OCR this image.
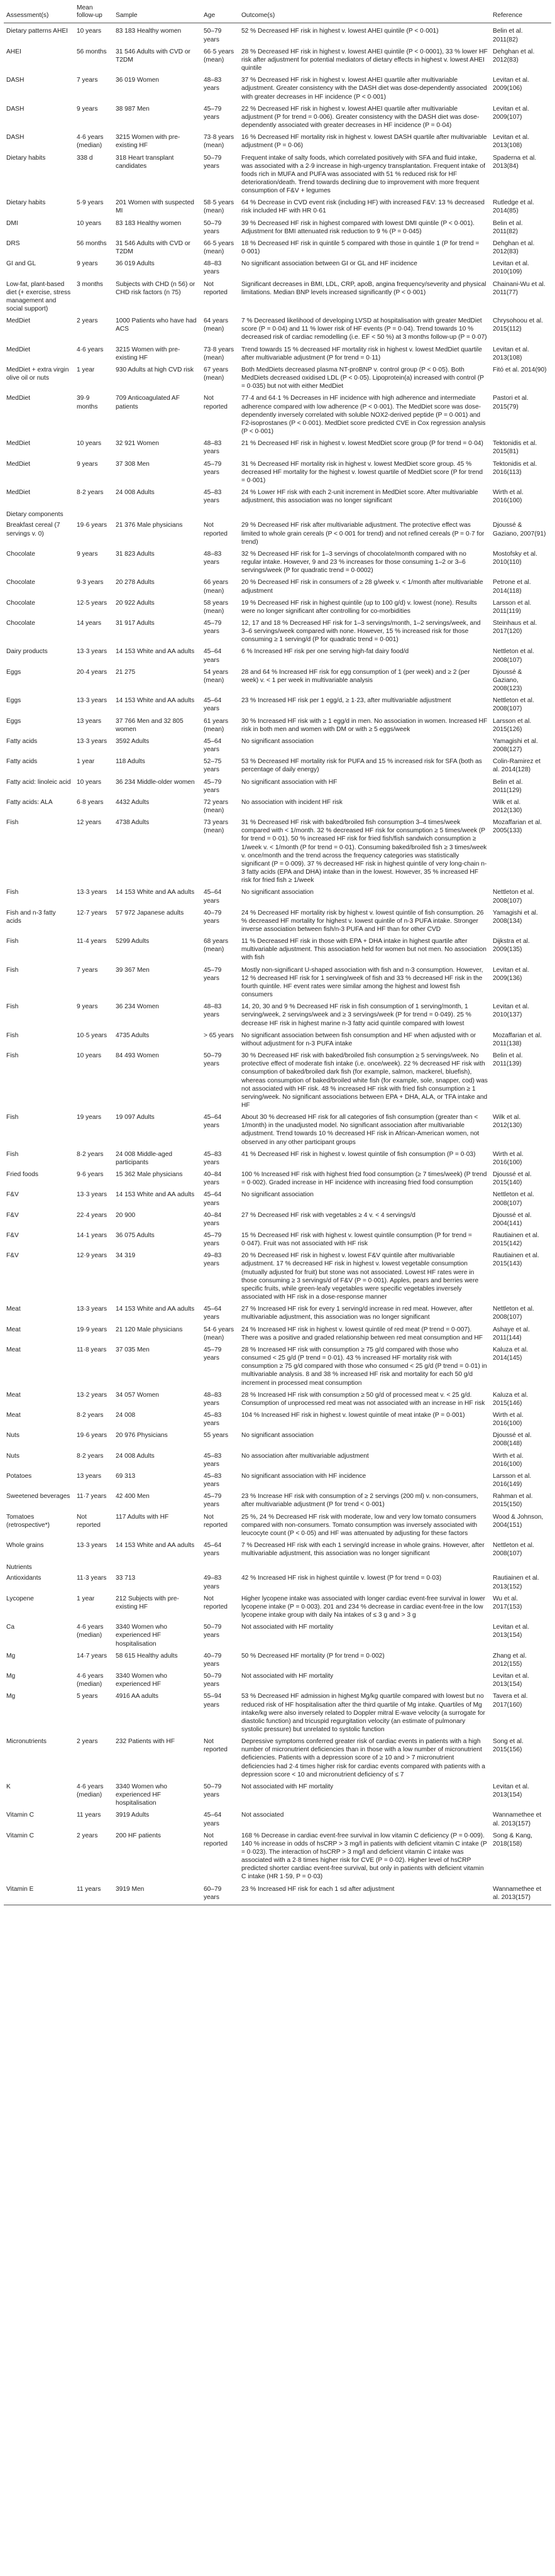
Assessment(s)	Mean follow-up	Sample	Age	Outcome(s)	Reference
Dietary patterns AHEI	10 years	83 183 Healthy women	50–79 years	52 % Decreased HF risk in highest v. lowest AHEI quintile (P < 0·001)	Belin et al. 2011(82)
AHEI	56 months	31 546 Adults with CVD or T2DM	66·5 years (mean)	28 % Decreased HF risk in highest v. lowest AHEI quintile (P < 0·0001), 33 % lower HF risk after adjustment for potential mediators of dietary effects in highest v. lowest AHEI quintile	Dehghan et al. 2012(83)
DASH	7 years	36 019 Women	48–83 years	37 % Decreased HF risk in highest v. lowest AHEI quartile after multivariable adjustment. Greater consistency with the DASH diet was dose-dependently associated with greater decreases in HF incidence (P < 0·001)	Levitan et al. 2009(106)
DASH	9 years	38 987 Men	45–79 years	22 % Decreased HF risk in highest v. lowest AHEI quartile after multivariable adjustment (P for trend = 0·006). Greater consistency with the DASH diet was dose-dependently associated with greater decreases in HF incidence (P = 0·04)	Levitan et al. 2009(107)
DASH	4·6 years (median)	3215 Women with pre-existing HF	73·8 years (mean)	16 % Decreased HF mortality risk in highest v. lowest DASH quartile after multivariable adjustment (P = 0·06)	Levitan et al. 2013(108)
Dietary habits	338 d	318 Heart transplant candidates	50–79 years	Frequent intake of salty foods, which correlated positively with SFA and fluid intake, was associated with a 2·9 increase in high-urgency transplantation. Frequent intake of foods rich in MUFA and PUFA was associated with 51 % reduced risk for HF deterioration/death. Trend towards declining due to improvement with more frequent consumption of F&V + legumes	Spaderna et al. 2013(84)
Dietary habits	5·9 years	201 Women with suspected MI	58·5 years (mean)	64 % Decrease in CVD event risk (including HF) with increased F&V: 13 % decreased risk included HF with HR 0·61	Rutledge et al. 2014(85)
DMI	10 years	83 183 Healthy women	50–79 years	39 % Decreased HF risk in highest compared with lowest DMI quintile (P < 0·001). Adjustment for BMI attenuated risk reduction to 9 % (P = 0·045)	Belin et al. 2011(82)
DRS	56 months	31 546 Adults with CVD or T2DM	66·5 years (mean)	18 % Decreased HF risk in quintile 5 compared with those in quintile 1 (P for trend = 0·001)	Dehghan et al. 2012(83)
GI and GL	9 years	36 019 Adults	48–83 years	No significant association between GI or GL and HF incidence	Levitan et al. 2010(109)
Low-fat, plant-based diet (+ exercise, stress management and social support)	3 months	Subjects with CHD (n 56) or CHD risk factors (n 75)	Not reported	Significant decreases in BMI, LDL, CRP, apoB, angina frequency/severity and physical limitations. Median BNP levels increased significantly (P < 0·001)	Chainani-Wu et al. 2011(77)
MedDiet	2 years	1000 Patients who have had ACS	64 years (mean)	7 % Decreased likelihood of developing LVSD at hospitalisation with greater MedDiet score (P = 0·04) and 11 % lower risk of HF events (P = 0·04). Trend towards 10 % decreased risk of cardiac remodelling (i.e. EF < 50 %) at 3 months follow-up (P = 0·07)	Chrysohoou et al. 2015(112)
MedDiet	4·6 years	3215 Women with pre-existing HF	73·8 years (mean)	Trend towards 15 % decreased HF mortality risk in highest v. lowest MedDiet quartile after multivariable adjustment (P for trend = 0·11)	Levitan et al. 2013(108)
MedDiet + extra virgin olive oil or nuts	1 year	930 Adults at high CVD risk	67 years (mean)	Both MedDiets decreased plasma NT-proBNP v. control group (P < 0·05). Both MedDiets decreased oxidised LDL (P < 0·05). Lipoprotein(a) increased with control (P = 0·035) but not with either MedDiet	Fitó et al. 2014(90)
MedDiet	39·9 months	709 Anticoagulated AF patients	Not reported	77·4 and 64·1 % Decreases in HF incidence with high adherence and intermediate adherence compared with low adherence (P < 0·001). The MedDiet score was dose-dependently inversely correlated with soluble NOX2-derived peptide (P = 0·001) and F2-isoprostanes (P < 0·001). MedDiet score predicted CVE in Cox regression analysis (P < 0·001)	Pastori et al. 2015(79)
MedDiet	10 years	32 921 Women	48–83 years	21 % Decreased HF risk in highest v. lowest MedDiet score group (P for trend = 0·04)	Tektonidis et al. 2015(81)
MedDiet	9 years	37 308 Men	45–79 years	31 % Decreased HF mortality risk in highest v. lowest MedDiet score group. 45 % decreased HF mortality for the highest v. lowest quartile of MedDiet score (P for trend = 0·001)	Tektonidis et al. 2016(113)
MedDiet	8·2 years	24 008 Adults	45–83 years	24 % Lower HF risk with each 2-unit increment in MedDiet score. After multivariable adjustment, this association was no longer significant	Wirth et al. 2016(100)
Dietary components					
Breakfast cereal (7 servings v. 0)	19·6 years	21 376 Male physicians	Not reported	29 % Decreased HF risk after multivariable adjustment. The protective effect was limited to whole grain cereals (P < 0·001 for trend) and not refined cereals (P = 0·7 for trend)	Djoussé & Gaziano, 2007(91)
Chocolate	9 years	31 823 Adults	48–83 years	32 % Decreased HF risk for 1–3 servings of chocolate/month compared with no regular intake. However, 9 and 23 % increases for those consuming 1–2 or 3–6 servings/week (P for quadratic trend = 0·0002)	Mostofsky et al. 2010(110)
Chocolate	9·3 years	20 278 Adults	66 years (mean)	20 % Decreased HF risk in consumers of ≥ 28 g/week v. < 1/month after multivariable adjustment	Petrone et al. 2014(118)
Chocolate	12·5 years	20 922 Adults	58 years (mean)	19 % Decreased HF risk in highest quintile (up to 100 g/d) v. lowest (none). Results were no longer significant after controlling for co-morbidities	Larsson et al. 2011(119)
Chocolate	14 years	31 917 Adults	45–79 years	12, 17 and 18 % Decreased HF risk for 1–3 servings/month, 1–2 servings/week, and 3–6 servings/week compared with none. However, 15 % increased risk for those consuming ≥ 1 serving/d (P for quadratic trend = 0·001)	Steinhaus et al. 2017(120)
Dairy products	13·3 years	14 153 White and AA adults	45–64 years	6 % Increased HF risk per one serving high-fat dairy food/d	Nettleton et al. 2008(107)
Eggs	20·4 years	21 275	54 years (mean)	28 and 64 % Increased HF risk for egg consumption of 1 (per week) and ≥ 2 (per week) v. < 1 per week in multivariable analysis	Djoussé & Gaziano, 2008(123)
Eggs	13·3 years	14 153 White and AA adults	45–64 years	23 % Increased HF risk per 1 egg/d, ≥ 1·23, after multivariable adjustment	Nettleton et al. 2008(107)
Eggs	13 years	37 766 Men and 32 805 women	61 years (mean)	30 % Increased HF risk with ≥ 1 egg/d in men. No association in women. Increased HF risk in both men and women with DM or with ≥ 5 eggs/week	Larsson et al. 2015(126)
Fatty acids	13·3 years	3592 Adults	45–64 years	No significant association	Yamagishi et al. 2008(127)
Fatty acids	1 year	118 Adults	52–75 years	53 % Decreased HF mortality risk for PUFA and 15 % increased risk for SFA (both as percentage of daily energy)	Colin-Ramirez et al. 2014(128)
Fatty acid: linoleic acid	10 years	36 234 Middle-older women	45–79 years	No significant association with HF	Belin et al. 2011(129)
Fatty acids: ALA	6·8 years	4432 Adults	72 years (mean)	No association with incident HF risk	Wilk et al. 2012(130)
Fish	12 years	4738 Adults	73 years (mean)	31 % Decreased HF risk with baked/broiled fish consumption 3–4 times/week compared with < 1/month. 32 % decreased HF risk for consumption ≥ 5 times/week (P for trend = 0·01). 50 % increased HF risk for fried fish/fish sandwich consumption ≥ 1/week v. < 1/month (P for trend = 0·01). Consuming baked/broiled fish ≥ 3 times/week v. once/month and the trend across the frequency categories was statistically significant (P = 0·009). 37 % decreased HF risk in highest quintile of very long-chain n-3 fatty acids (EPA and DHA) intake than in the lowest. However, 35 % increased HF risk for fried fish ≥ 1/week	Mozaffarian et al. 2005(133)
Fish	13·3 years	14 153 White and AA adults	45–64 years	No significant association	Nettleton et al. 2008(107)
Fish and n-3 fatty acids	12·7 years	57 972 Japanese adults	40–79 years	24 % Decreased HF mortality risk by highest v. lowest quintile of fish consumption. 26 % decreased HF mortality for highest v. lowest quintile of n-3 PUFA intake. Stronger inverse association between fish/n-3 PUFA and HF than for other CVD	Yamagishi et al. 2008(134)
Fish	11·4 years	5299 Adults	68 years (mean)	11 % Decreased HF risk in those with EPA + DHA intake in highest quartile after multivariable adjustment. This association held for women but not men. No association with fish	Dijkstra et al. 2009(135)
Fish	7 years	39 367 Men	45–79 years	Mostly non-significant U-shaped association with fish and n-3 consumption. However, 12 % decreased HF risk for 1 serving/week of fish and 33 % decreased HF risk in the fourth quintile. HF event rates were similar among the highest and lowest fish consumers	Levitan et al. 2009(136)
Fish	9 years	36 234 Women	48–83 years	14, 20, 30 and 9 % Decreased HF risk in fish consumption of 1 serving/month, 1 serving/week, 2 servings/week and ≥ 3 servings/week (P for trend = 0·049). 25 % decrease HF risk in highest marine n-3 fatty acid quintile compared with lowest	Levitan et al. 2010(137)
Fish	10·5 years	4735 Adults	> 65 years	No significant association between fish consumption and HF when adjusted with or without adjustment for n-3 PUFA intake	Mozaffarian et al. 2011(138)
Fish	10 years	84 493 Women	50–79 years	30 % Decreased HF risk with baked/broiled fish consumption ≥ 5 servings/week. No protective effect of moderate fish intake (i.e. once/week). 22 % decreased HF risk with consumption of baked/broiled dark fish (for example, salmon, mackerel, bluefish), whereas consumption of baked/broiled white fish (for example, sole, snapper, cod) was not associated with HF risk. 48 % increased HF risk with fried fish consumption ≥ 1 serving/week. No significant associations between EPA + DHA, ALA, or TFA intake and HF	Belin et al. 2011(139)
Fish	19 years	19 097 Adults	45–64 years	About 30 % decreased HF risk for all categories of fish consumption (greater than < 1/month) in the unadjusted model. No significant association after multivariable adjustment. Trend towards 10 % decreased HF risk in African-American women, not observed in any other participant groups	Wilk et al. 2012(130)
Fish	8·2 years	24 008 Middle-aged participants	45–83 years	41 % Decreased HF risk in highest v. lowest quintile of fish consumption (P = 0·03)	Wirth et al. 2016(100)
Fried foods	9·6 years	15 362 Male physicians	40–84 years	100 % Increased HF risk with highest fried food consumption (≥ 7 times/week) (P trend = 0·002). Graded increase in HF incidence with increasing fried food consumption	Djoussé et al. 2015(140)
F&V	13·3 years	14 153 White and AA adults	45–64 years	No significant association	Nettleton et al. 2008(107)
F&V	22·4 years	20 900	40–84 years	27 % Decreased HF risk with vegetables ≥ 4 v. < 4 servings/d	Djoussé et al. 2004(141)
F&V	14·1 years	36 075 Adults	45–79 years	15 % Decreased HF risk with highest v. lowest quintile consumption (P for trend = 0·047). Fruit was not associated with HF risk	Rautiainen et al. 2015(142)
F&V	12·9 years	34 319	49–83 years	20 % Decreased HF risk in highest v. lowest F&V quintile after multivariable adjustment. 17 % decreased HF risk in highest v. lowest vegetable consumption (mutually adjusted for fruit) but stone was not associated. Lowest HF rates were in those consuming ≥ 3 servings/d of F&V (P = 0·001). Apples, pears and berries were specific fruits, while green-leafy vegetables were specific vegetables inversely associated with HF risk in a dose-response manner	Rautiainen et al. 2015(143)
Meat	13·3 years	14 153 White and AA adults	45–64 years	27 % Increased HF risk for every 1 serving/d increase in red meat. However, after multivariable adjustment, this association was no longer significant	Nettleton et al. 2008(107)
Meat	19·9 years	21 120 Male physicians	54·6 years (mean)	24 % Increased HF risk in highest v. lowest quintile of red meat (P trend = 0·007). There was a positive and graded relationship between red meat consumption and HF	Ashaye et al. 2011(144)
Meat	11·8 years	37 035 Men	45–79 years	28 % Increased HF risk with consumption ≥ 75 g/d compared with those who consumed < 25 g/d (P trend = 0·01). 43 % increased HF mortality risk with consumption ≥ 75 g/d compared with those who consumed < 25 g/d (P trend = 0·01) in multivariable analysis. 8 and 38 % increased HF risk and mortality for each 50 g/d increment in processed meat consumption	Kaluza et al. 2014(145)
Meat	13·2 years	34 057 Women	48–83 years	28 % Increased HF risk with consumption ≥ 50 g/d of processed meat v. < 25 g/d. Consumption of unprocessed red meat was not associated with an increase in HF risk	Kaluza et al. 2015(146)
Meat	8·2 years	24 008	45–83 years	104 % Increased HF risk in highest v. lowest quintile of meat intake (P = 0·001)	Wirth et al. 2016(100)
Nuts	19·6 years	20 976 Physicians	55 years	No significant association	Djoussé et al. 2008(148)
Nuts	8·2 years	24 008 Adults	45–83 years	No association after multivariable adjustment	Wirth et al. 2016(100)
Potatoes	13 years	69 313	45–83 years	No significant association with HF incidence	Larsson et al. 2016(149)
Sweetened beverages	11·7 years	42 400 Men	45–79 years	23 % Increase HF risk with consumption of ≥ 2 servings (200 ml) v. non-consumers, after multivariable adjustment (P for trend < 0·001)	Rahman et al. 2015(150)
Tomatoes (retrospective*)	Not reported	117 Adults with HF	Not reported	25 %, 24 % Decreased HF risk with moderate, low and very low tomato consumers compared with non-consumers. Tomato consumption was inversely associated with leucocyte count (P < 0·05) and HF was attenuated by adjusting for these factors	Wood & Johnson, 2004(151)
Whole grains	13·3 years	14 153 White and AA adults	45–64 years	7 % Decreased HF risk with each 1 serving/d increase in whole grains. However, after multivariable adjustment, this association was no longer significant	Nettleton et al. 2008(107)
Nutrients					
Antioxidants	11·3 years	33 713	49–83 years	42 % Increased HF risk in highest quintile v. lowest (P for trend = 0·03)	Rautiainen et al. 2013(152)
Lycopene	1 year	212 Subjects with pre-existing HF	Not reported	Higher lycopene intake was associated with longer cardiac event-free survival in lower lycopene intake (P = 0·003). 201 and 234 % decrease in cardiac event-free in the low lycopene intake group with daily Na intakes of ≤ 3 g and > 3 g	Wu et al. 2017(153)
Ca	4·6 years (median)	3340 Women who experienced HF hospitalisation	50–79 years	Not associated with HF mortality	Levitan et al. 2013(154)
Mg	14·7 years	58 615 Healthy adults	40–79 years	50 % Decreased HF mortality (P for trend = 0·002)	Zhang et al. 2012(155)
Mg	4·6 years (median)	3340 Women who experienced HF	50–79 years	Not associated with HF mortality	Levitan et al. 2013(154)
Mg	5 years	4916 AA adults	55–94 years	53 % Decreased HF admission in highest Mg/kg quartile compared with lowest but no reduced risk of HF hospitalisation after the third quartile of Mg intake. Quartiles of Mg intake/kg were also inversely related to Doppler mitral E-wave velocity (a surrogate for diastolic function) and tricuspid regurgitation velocity (an estimate of pulmonary systolic pressure) but unrelated to systolic function	Tavera et al. 2017(160)
Micronutrients	2 years	232 Patients with HF	Not reported	Depressive symptoms conferred greater risk of cardiac events in patients with a high number of micronutrient deficiencies than in those with a low number of micronutrient deficiencies. Patients with a depression score of ≥ 10 and > 7 micronutrient deficiencies had 2·4 times higher risk for cardiac events compared with patients with a depression score < 10 and micronutrient deficiency of ≤ 7	Song et al. 2015(156)
K	4·6 years (median)	3340 Women who experienced HF hospitalisation	50–79 years	Not associated with HF mortality	Levitan et al. 2013(154)
Vitamin C	11 years	3919 Adults	45–64 years	Not associated	Wannamethee et al. 2013(157)
Vitamin C	2 years	200 HF patients	Not reported	168 % Decrease in cardiac event-free survival in low vitamin C deficiency (P = 0·009). 140 % increase in odds of hsCRP > 3 mg/l in patients with deficient vitamin C intake (P = 0·023). The interaction of hsCRP > 3 mg/l and deficient vitamin C intake was associated with a 2·8 times higher risk for CVE (P = 0·02). Higher level of hsCRP predicted shorter cardiac event-free survival, but only in patients with deficient vitamin C intake (HR 1·59, P = 0·03)	Song & Kang, 2018(158)
Vitamin E	11 years	3919 Men	60–79 years	23 % Increased HF risk for each 1 sd after adjustment	Wannamethee et al. 2013(157)
